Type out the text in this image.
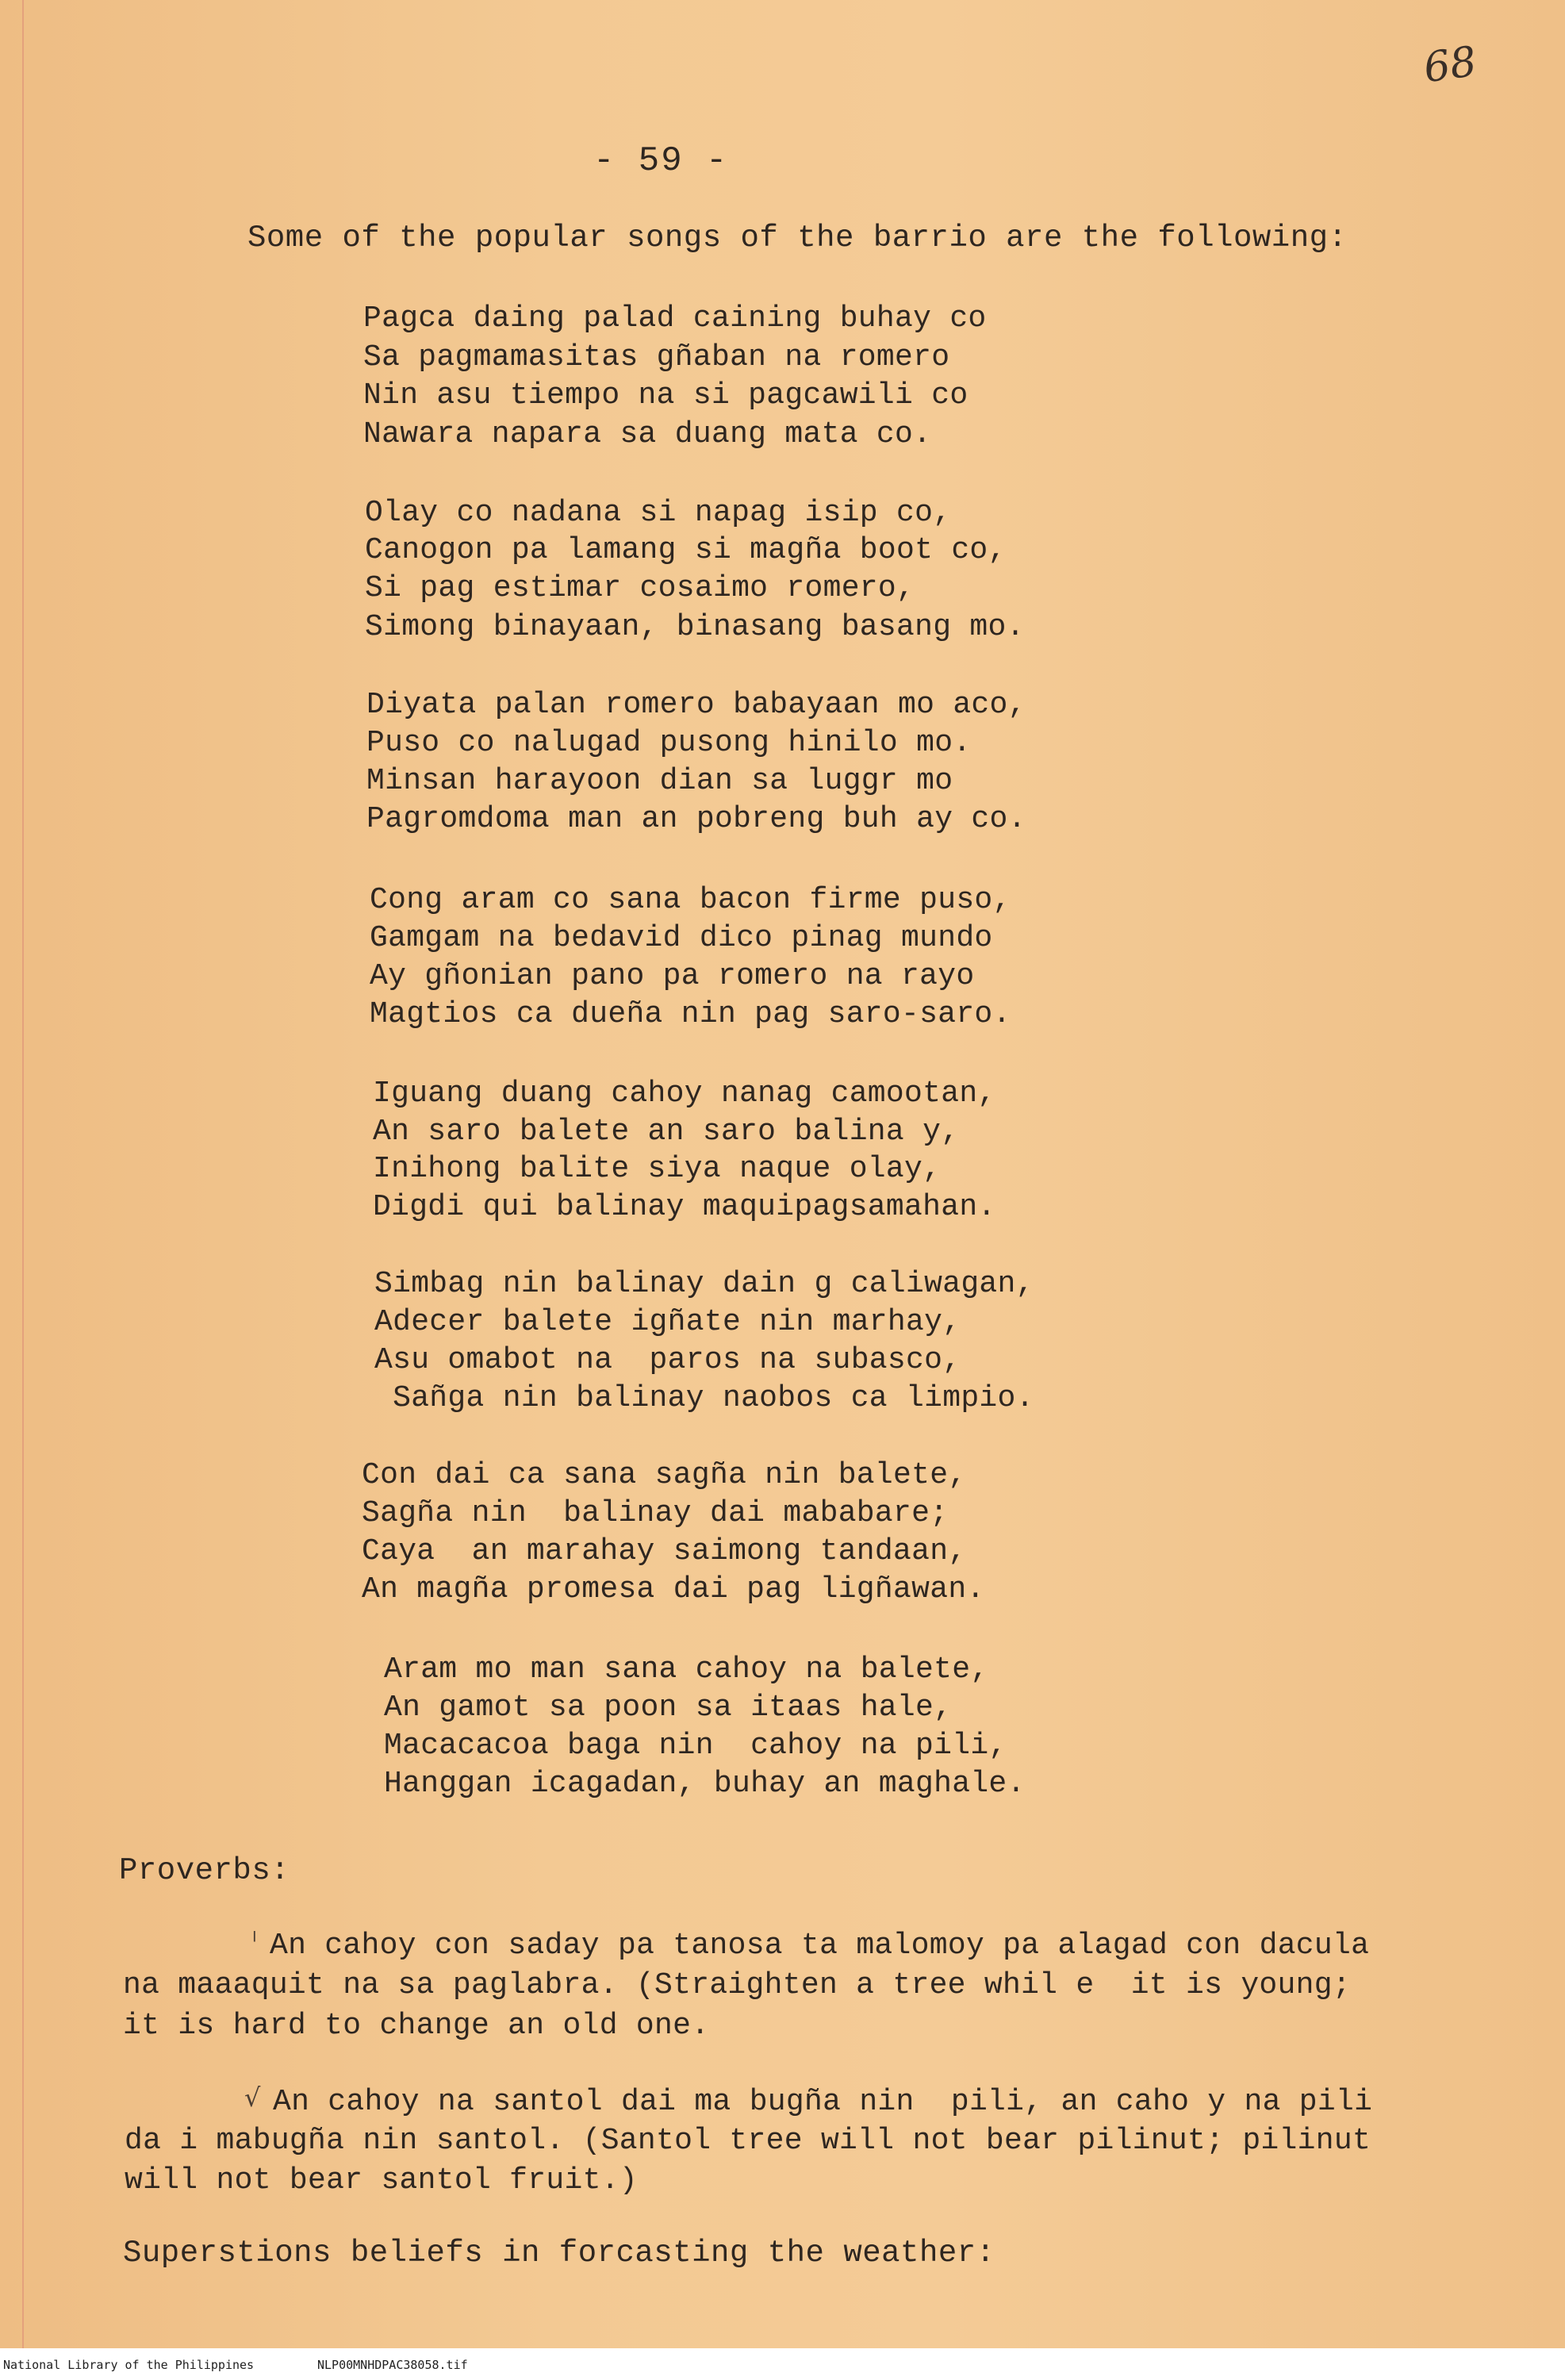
68
- 59 -
Some of the popular songs of the barrio are the following:
Pagca daing palad caining buhay co
Sa pagmamasitas gñaban na romero
Nin asu tiempo na si pagcawili co
Nawara napara sa duang mata co.
Olay co nadana si napag isip co,
Canogon pa lamang si magña boot co,
Si pag estimar cosaimo romero,
Simong binayaan, binasang basang mo.
Diyata palan romero babayaan mo aco,
Puso co nalugad pusong hinilo mo.
Minsan harayoon dian sa luggr mo
Pagromdoma man an pobreng buh ay co.
Cong aram co sana bacon firme puso,
Gamgam na bedavid dico pinag mundo
Ay gñonian pano pa romero na rayo
Magtios ca dueña nin pag saro-saro.
Iguang duang cahoy nanag camootan,
An saro balete an saro balina y,
Inihong balite siya naque olay,
Digdi qui balinay maquipagsamahan.
Simbag nin balinay dain g caliwagan,
Adecer balete igñate nin marhay,
Asu omabot na  paros na subasco,
Sañga nin balinay naobos ca limpio.
Con dai ca sana sagña nin balete,
Sagña nin  balinay dai mababare;
Caya  an marahay saimong tandaan,
An magña promesa dai pag ligñawan.
Aram mo man sana cahoy na balete,
An gamot sa poon sa itaas hale,
Macacacoa baga nin  cahoy na pili,
Hanggan icagadan, buhay an maghale.
Proverbs:
ˡ An cahoy con saday pa tanosa ta malomoy pa alagad con dacula
na maaaquit na sa paglabra. (Straighten a tree whil e  it is young;
it is hard to change an old one.
√ An cahoy na santol dai ma bugña nin  pili, an caho y na pili
da i mabugña nin santol. (Santol tree will not bear pilinut; pilinut
will not bear santol fruit.)
Superstions beliefs in forcasting the weather:
National Library of the Philippines	NLP00MNHDPAC38058.tif
